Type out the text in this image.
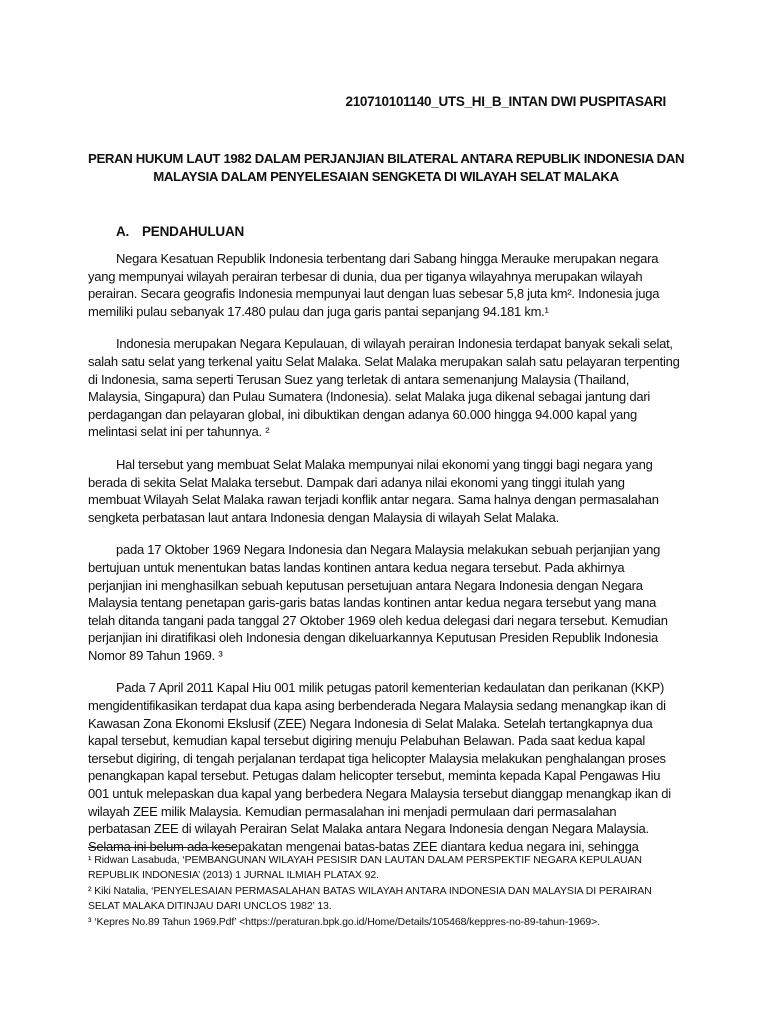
210710101140_UTS_HI_B_INTAN DWI PUSPITASARI
PERAN HUKUM LAUT 1982 DALAM PERJANJIAN BILATERAL ANTARA REPUBLIK INDONESIA DAN
MALAYSIA DALAM PENYELESAIAN SENGKETA DI WILAYAH SELAT MALAKA
A. PENDAHULUAN

Negara Kesatuan Republik Indonesia terbentang dari Sabang hingga Merauke merupakan negara
yang mempunyai wilayah perairan terbesar di dunia, dua per tiganya wilayahnya merupakan wilayah
perairan. Secara geografis Indonesia mempunyai laut dengan luas sebesar 5,8 juta km². Indonesia juga
memiliki pulau sebanyak 17.480 pulau dan juga garis pantai sepanjang 94.181 km.¹

Indonesia merupakan Negara Kepulauan, di wilayah perairan Indonesia terdapat banyak sekali selat,
salah satu selat yang terkenal yaitu Selat Malaka. Selat Malaka merupakan salah satu pelayaran terpenting
di Indonesia, sama seperti Terusan Suez yang terletak di antara semenanjung Malaysia (Thailand,
Malaysia, Singapura) dan Pulau Sumatera (Indonesia). selat Malaka juga dikenal sebagai jantung dari
perdagangan dan pelayaran global, ini dibuktikan dengan adanya 60.000 hingga 94.000 kapal yang
melintasi selat ini per tahunnya. ²

Hal tersebut yang membuat Selat Malaka mempunyai nilai ekonomi yang tinggi bagi negara yang
berada di sekita Selat Malaka tersebut. Dampak dari adanya nilai ekonomi yang tinggi itulah yang
membuat Wilayah Selat Malaka rawan terjadi konflik antar negara. Sama halnya dengan permasalahan
sengketa perbatasan laut antara Indonesia dengan Malaysia di wilayah Selat Malaka.

pada 17 Oktober 1969 Negara Indonesia dan Negara Malaysia melakukan sebuah perjanjian yang
bertujuan untuk menentukan batas landas kontinen antara kedua negara tersebut. Pada akhirnya
perjanjian ini menghasilkan sebuah keputusan persetujuan antara Negara Indonesia dengan Negara
Malaysia tentang penetapan garis-garis batas landas kontinen antar kedua negara tersebut yang mana
telah ditanda tangani pada tanggal 27 Oktober 1969 oleh kedua delegasi dari negara tersebut. Kemudian
perjanjian ini diratifikasi oleh Indonesia dengan dikeluarkannya Keputusan Presiden Republik Indonesia
Nomor 89 Tahun 1969. ³

Pada 7 April 2011 Kapal Hiu 001 milik petugas patoril kementerian kedaulatan dan perikanan (KKP)
mengidentifikasikan terdapat dua kapa asing berbenderada Negara Malaysia sedang menangkap ikan di
Kawasan Zona Ekonomi Ekslusif (ZEE) Negara Indonesia di Selat Malaka. Setelah tertangkapnya dua
kapal tersebut, kemudian kapal tersebut digiring menuju Pelabuhan Belawan. Pada saat kedua kapal
tersebut digiring, di tengah perjalanan terdapat tiga helicopter Malaysia melakukan penghalangan proses
penangkapan kapal tersebut. Petugas dalam helicopter tersebut, meminta kepada Kapal Pengawas Hiu
001 untuk melepaskan dua kapal yang berbedera Negara Malaysia tersebut dianggap menangkap ikan di
wilayah ZEE milik Malaysia. Kemudian permasalahan ini menjadi permulaan dari permasalahan
perbatasan ZEE di wilayah Perairan Selat Malaka antara Negara Indonesia dengan Negara Malaysia.
Selama ini belum ada kesepakatan mengenai batas-batas ZEE diantara kedua negara ini, sehingga

¹ Ridwan Lasabuda, ‘PEMBANGUNAN WILAYAH PESISIR DAN LAUTAN DALAM PERSPEKTIF NEGARA KEPULAUAN
REPUBLIK INDONESIA’ (2013) 1 JURNAL ILMIAH PLATAX 92.
² Kiki Natalia, ‘PENYELESAIAN PERMASALAHAN BATAS WILAYAH ANTARA INDONESIA DAN MALAYSIA DI PERAIRAN
SELAT MALAKA DITINJAU DARI UNCLOS 1982’ 13.
³ ‘Kepres No.89 Tahun 1969.Pdf’ <https://peraturan.bpk.go.id/Home/Details/105468/keppres-no-89-tahun-1969>.
